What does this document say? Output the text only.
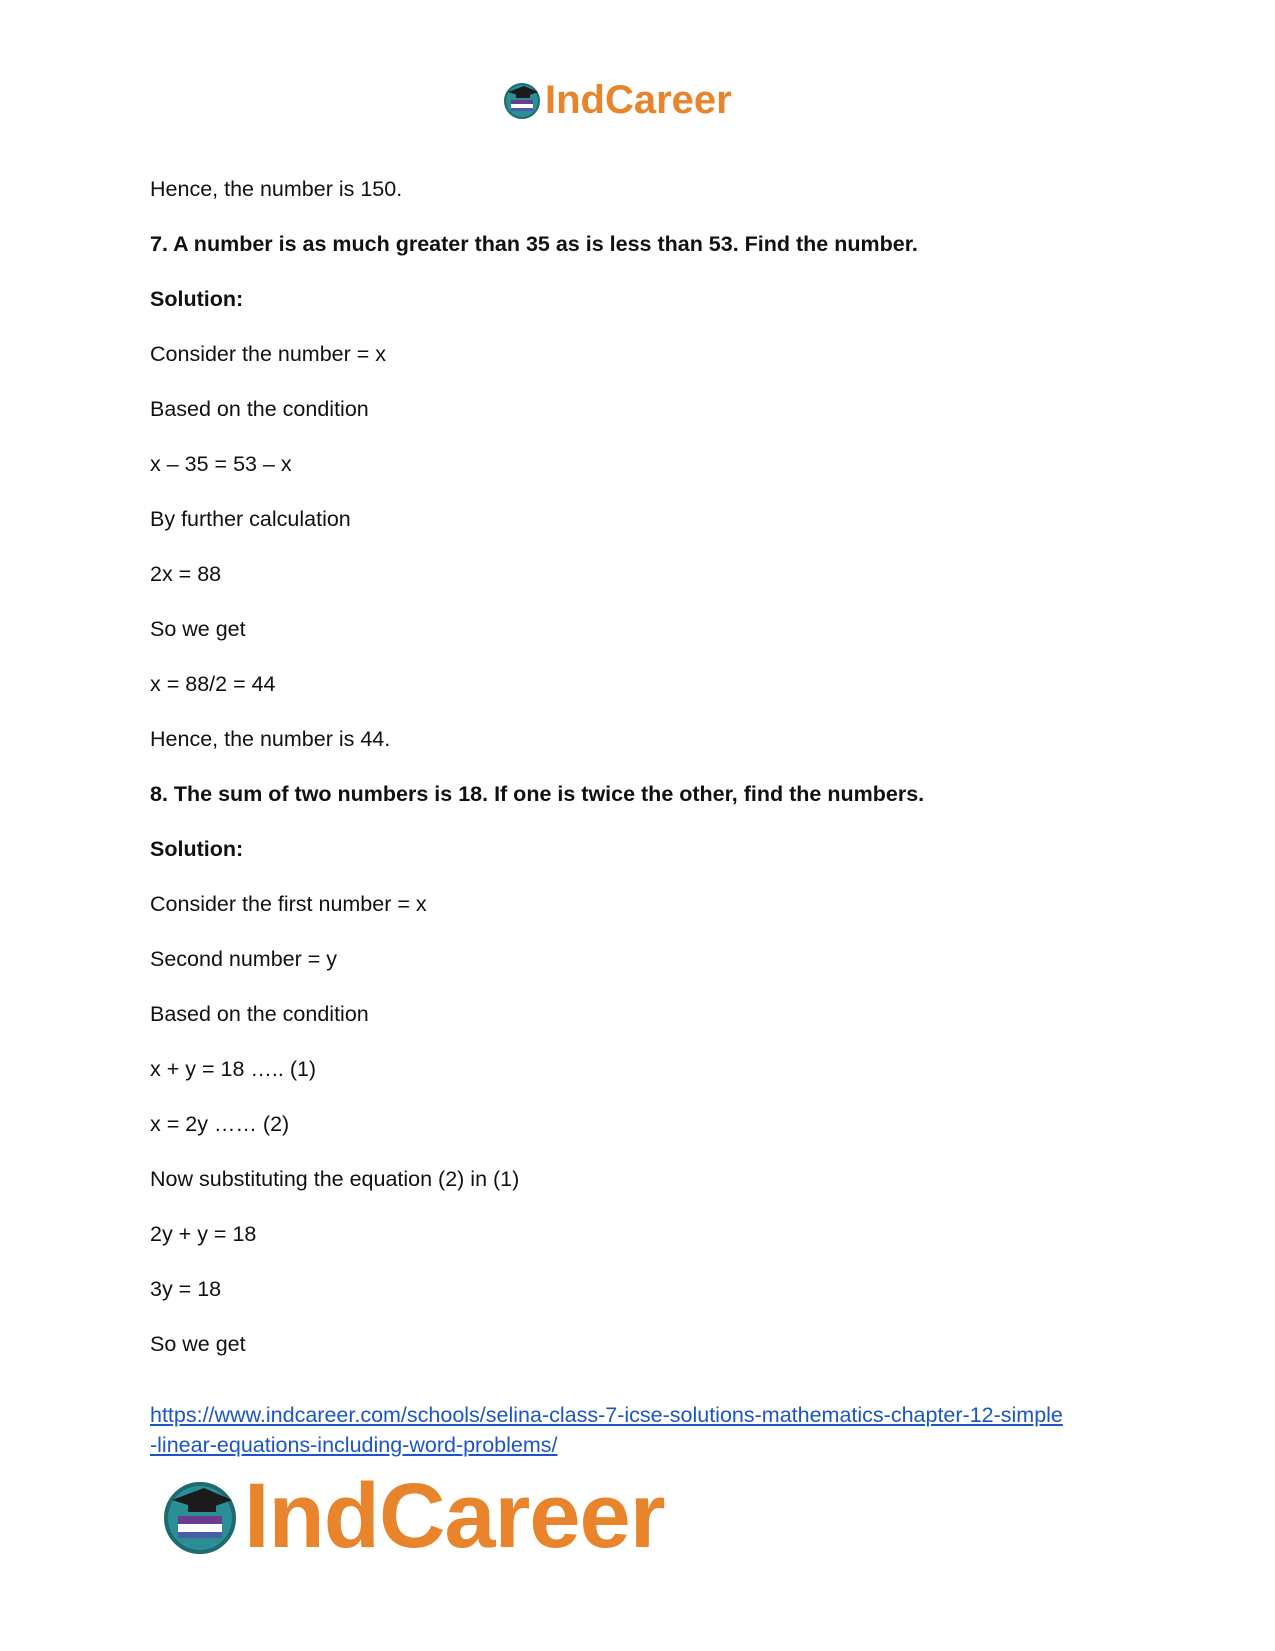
IndCareer
Hence, the number is 150.
7. A number is as much greater than 35 as is less than 53. Find the number.
Solution:
Consider the number = x
Based on the condition
x – 35 = 53 – x
By further calculation
2x = 88
So we get
x = 88/2 = 44
Hence, the number is 44.
8. The sum of two numbers is 18. If one is twice the other, find the numbers.
Solution:
Consider the first number = x
Second number = y
Based on the condition
x + y = 18 ….. (1)
x = 2y …… (2)
Now substituting the equation (2) in (1)
2y + y = 18
3y = 18
So we get
https://www.indcareer.com/schools/selina-class-7-icse-solutions-mathematics-chapter-12-simple
-linear-equations-including-word-problems/
IndCareer
